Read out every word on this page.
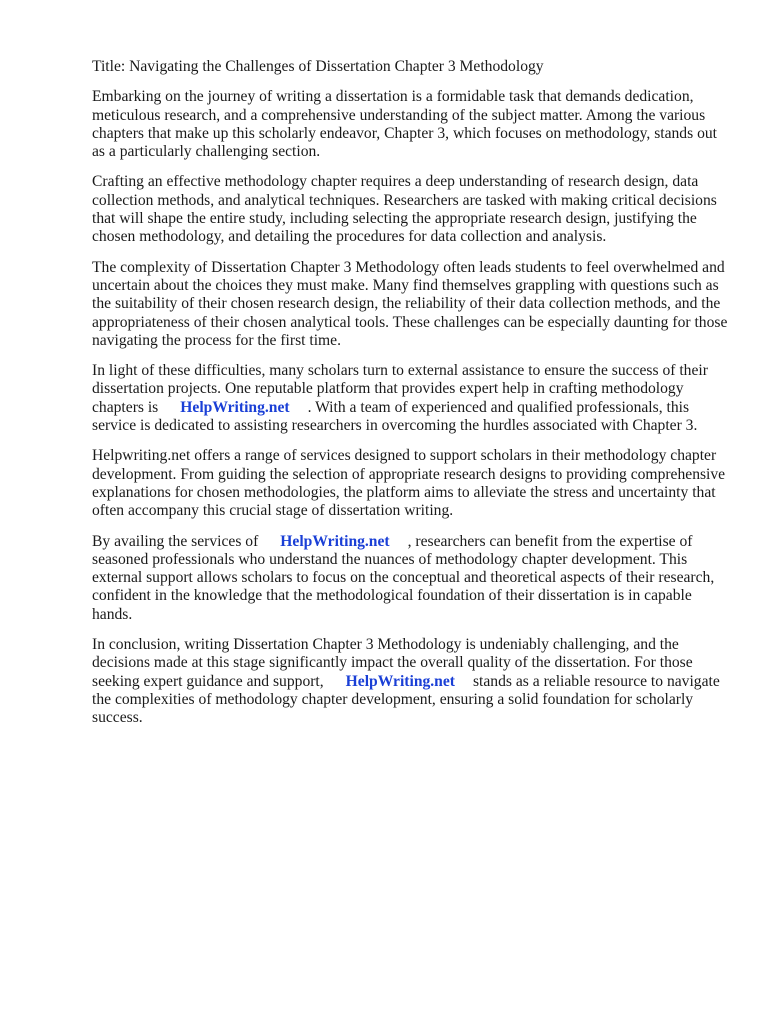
Title: Navigating the Challenges of Dissertation Chapter 3 Methodology

Embarking on the journey of writing a dissertation is a formidable task that demands dedication, meticulous research, and a comprehensive understanding of the subject matter. Among the various chapters that make up this scholarly endeavor, Chapter 3, which focuses on methodology, stands out as a particularly challenging section.

Crafting an effective methodology chapter requires a deep understanding of research design, data collection methods, and analytical techniques. Researchers are tasked with making critical decisions that will shape the entire study, including selecting the appropriate research design, justifying the chosen methodology, and detailing the procedures for data collection and analysis.

The complexity of Dissertation Chapter 3 Methodology often leads students to feel overwhelmed and uncertain about the choices they must make. Many find themselves grappling with questions such as the suitability of their chosen research design, the reliability of their data collection methods, and the appropriateness of their chosen analytical tools. These challenges can be especially daunting for those navigating the process for the first time.

In light of these difficulties, many scholars turn to external assistance to ensure the success of their dissertation projects. One reputable platform that provides expert help in crafting methodology chapters is HelpWriting.net . With a team of experienced and qualified professionals, this service is dedicated to assisting researchers in overcoming the hurdles associated with Chapter 3.

Helpwriting.net offers a range of services designed to support scholars in their methodology chapter development. From guiding the selection of appropriate research designs to providing comprehensive explanations for chosen methodologies, the platform aims to alleviate the stress and uncertainty that often accompany this crucial stage of dissertation writing.

By availing the services of HelpWriting.net , researchers can benefit from the expertise of seasoned professionals who understand the nuances of methodology chapter development. This external support allows scholars to focus on the conceptual and theoretical aspects of their research, confident in the knowledge that the methodological foundation of their dissertation is in capable hands.

In conclusion, writing Dissertation Chapter 3 Methodology is undeniably challenging, and the decisions made at this stage significantly impact the overall quality of the dissertation. For those seeking expert guidance and support, HelpWriting.net stands as a reliable resource to navigate the complexities of methodology chapter development, ensuring a solid foundation for scholarly success.
